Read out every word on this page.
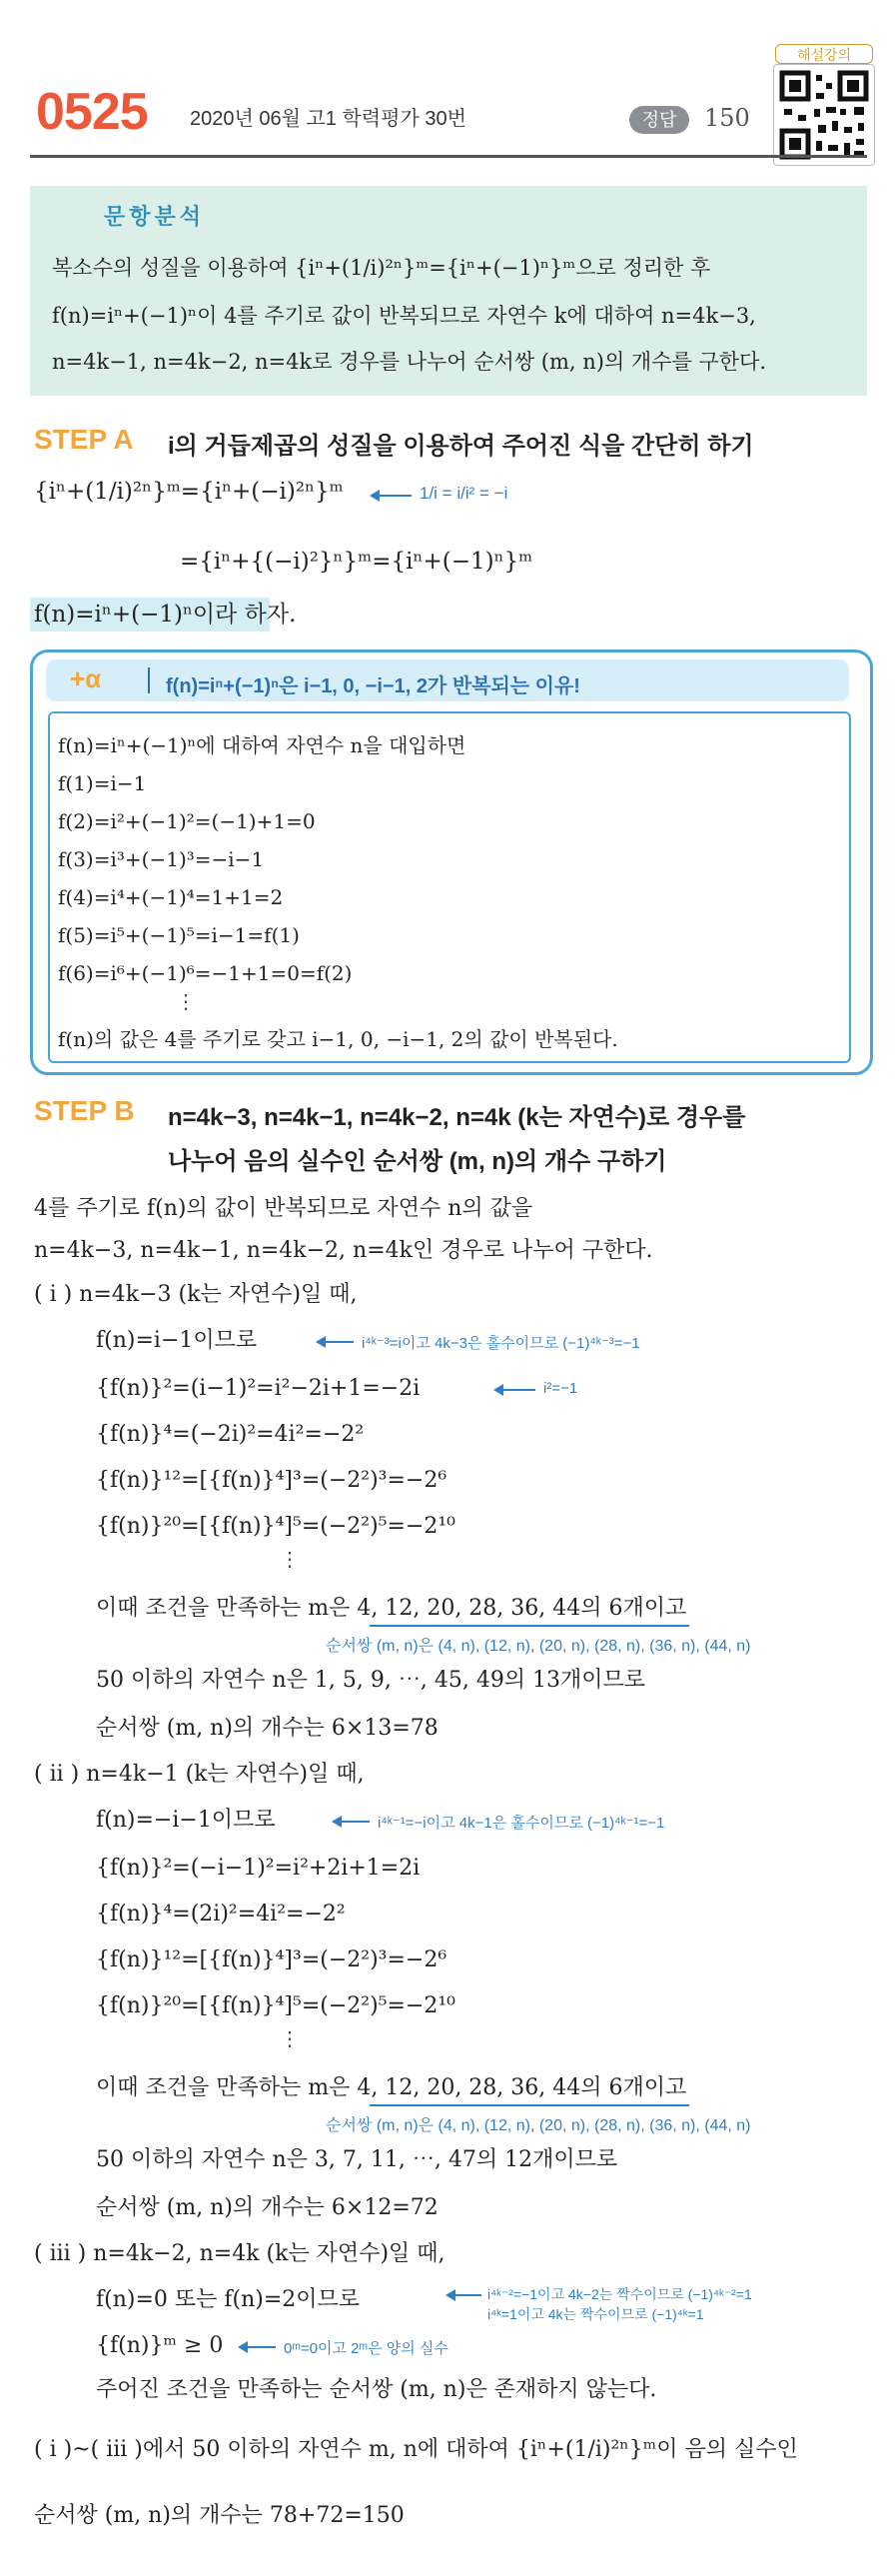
0525 2020년 06월 고1 학력평가 30번	정답	150
해설강의
문항분석
복소수의 성질을 이용하여 {iⁿ+(1/i)²ⁿ}ᵐ={iⁿ+(−1)ⁿ}ᵐ으로 정리한 후
f(n)=iⁿ+(−1)ⁿ이 4를 주기로 값이 반복되므로 자연수 k에 대하여 n=4k−3,
n=4k−1, n=4k−2, n=4k로 경우를 나누어 순서쌍 (m, n)의 개수를 구한다.
STEP A i의 거듭제곱의 성질을 이용하여 주어진 식을 간단히 하기
{iⁿ+(1/i)²ⁿ}ᵐ={iⁿ+(−i)²ⁿ}ᵐ	1/i = i/i² = −i
={iⁿ+{(−i)²}ⁿ}ᵐ={iⁿ+(−1)ⁿ}ᵐ
f(n)=iⁿ+(−1)ⁿ이라 하자.
+α	f(n)=iⁿ+(−1)ⁿ은 i−1, 0, −i−1, 2가 반복되는 이유!
f(n)=iⁿ+(−1)ⁿ에 대하여 자연수 n을 대입하면
f(1)=i−1
f(2)=i²+(−1)²=(−1)+1=0
f(3)=i³+(−1)³=−i−1
f(4)=i⁴+(−1)⁴=1+1=2
f(5)=i⁵+(−1)⁵=i−1=f(1)
f(6)=i⁶+(−1)⁶=−1+1=0=f(2)
⋮
f(n)의 값은 4를 주기로 갖고 i−1, 0, −i−1, 2의 값이 반복된다.
STEP B n=4k−3, n=4k−1, n=4k−2, n=4k (k는 자연수)로 경우를
나누어 음의 실수인 순서쌍 (m, n)의 개수 구하기
4를 주기로 f(n)의 값이 반복되므로 자연수 n의 값을
n=4k−3, n=4k−1, n=4k−2, n=4k인 경우로 나누어 구한다.
( i ) n=4k−3 (k는 자연수)일 때,
f(n)=i−1이므로	i⁴ᵏ⁻³=i이고 4k−3은 홀수이므로 (−1)⁴ᵏ⁻³=−1
{f(n)}²=(i−1)²=i²−2i+1=−2i	i²=−1
{f(n)}⁴=(−2i)²=4i²=−2²
{f(n)}¹²=[{f(n)}⁴]³=(−2²)³=−2⁶
{f(n)}²⁰=[{f(n)}⁴]⁵=(−2²)⁵=−2¹⁰
⋮
이때 조건을 만족하는 m은 4, 12, 20, 28, 36, 44의 6개이고
순서쌍 (m, n)은 (4, n), (12, n), (20, n), (28, n), (36, n), (44, n)
50 이하의 자연수 n은 1, 5, 9, ⋯, 45, 49의 13개이므로
순서쌍 (m, n)의 개수는 6×13=78
( ii ) n=4k−1 (k는 자연수)일 때,
f(n)=−i−1이므로	i⁴ᵏ⁻¹=−i이고 4k−1은 홀수이므로 (−1)⁴ᵏ⁻¹=−1
{f(n)}²=(−i−1)²=i²+2i+1=2i
{f(n)}⁴=(2i)²=4i²=−2²
{f(n)}¹²=[{f(n)}⁴]³=(−2²)³=−2⁶
{f(n)}²⁰=[{f(n)}⁴]⁵=(−2²)⁵=−2¹⁰
⋮
이때 조건을 만족하는 m은 4, 12, 20, 28, 36, 44의 6개이고
순서쌍 (m, n)은 (4, n), (12, n), (20, n), (28, n), (36, n), (44, n)
50 이하의 자연수 n은 3, 7, 11, ⋯, 47의 12개이므로
순서쌍 (m, n)의 개수는 6×12=72
( iii ) n=4k−2, n=4k (k는 자연수)일 때,
f(n)=0 또는 f(n)=2이므로	i⁴ᵏ⁻²=−1이고 4k−2는 짝수이므로 (−1)⁴ᵏ⁻²=1
i⁴ᵏ=1이고 4k는 짝수이므로 (−1)⁴ᵏ=1
{f(n)}ᵐ ≥ 0	0ᵐ=0이고 2ᵐ은 양의 실수
주어진 조건을 만족하는 순서쌍 (m, n)은 존재하지 않는다.
( i )~( iii )에서 50 이하의 자연수 m, n에 대하여 {iⁿ+(1/i)²ⁿ}ᵐ이 음의 실수인
순서쌍 (m, n)의 개수는 78+72=150
